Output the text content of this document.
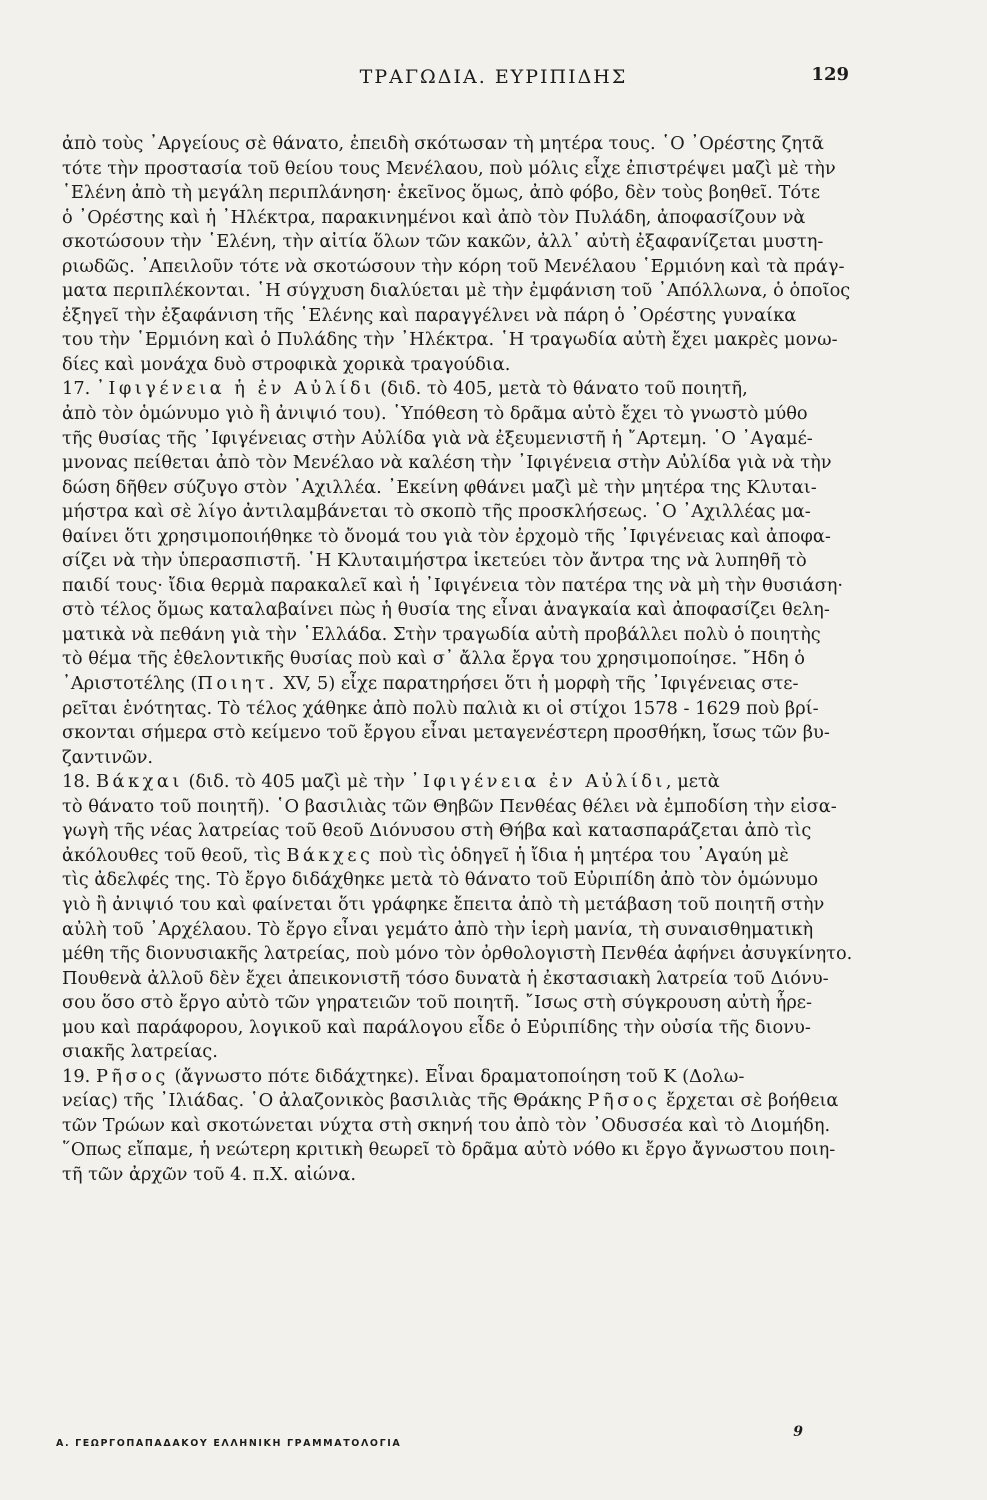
ΤΡΑΓΩΔΙΑ. ΕΥΡΙΠΙΔΗΣ	129
ἀπὸ τοὺς ᾿Αργείους σὲ θάνατο, ἐπειδὴ σκότωσαν τὴ μητέρα τους. ῾Ο ᾿Ορέστης ζητᾶ
τότε τὴν προστασία τοῦ θείου τους Μενέλαου, ποὺ μόλις εἶχε ἐπιστρέψει μαζὶ μὲ τὴν
῾Ελένη ἀπὸ τὴ μεγάλη περιπλάνηση· ἐκεῖνος ὅμως, ἀπὸ φόβο, δὲν τοὺς βοηθεῖ. Τότε
ὁ ᾿Ορέστης καὶ ἡ ᾿Ηλέκτρα, παρακινημένοι καὶ ἀπὸ τὸν Πυλάδη, ἀποφασίζουν νὰ
σκοτώσουν τὴν ῾Ελένη, τὴν αἰτία ὅλων τῶν κακῶν, ἀλλ᾿ αὐτὴ ἐξαφανίζεται μυστη-
ριωδῶς. ᾿Απειλοῦν τότε νὰ σκοτώσουν τὴν κόρη τοῦ Μενέλαου ῾Ερμιόνη καὶ τὰ πράγ-
ματα περιπλέκονται. ῾Η σύγχυση διαλύεται μὲ τὴν ἐμφάνιση τοῦ ᾿Απόλλωνα, ὁ ὁποῖος
ἐξηγεῖ τὴν ἐξαφάνιση τῆς ῾Ελένης καὶ παραγγέλνει νὰ πάρη ὁ ᾿Ορέστης γυναίκα
του τὴν ῾Ερμιόνη καὶ ὁ Πυλάδης τὴν ᾿Ηλέκτρα. ῾Η τραγωδία αὐτὴ ἔχει μακρὲς μονω-
δίες καὶ μονάχα δυὸ στροφικὰ χορικὰ τραγούδια.
17. ᾿Ιφιγένεια ἡ ἐν Αὐλίδι (διδ. τὸ 405, μετὰ τὸ θάνατο τοῦ ποιητῆ,
ἀπὸ τὸν ὁμώνυμο γιὸ ἢ ἀνιψιό του). ῾Υπόθεση τὸ δρᾶμα αὐτὸ ἔχει τὸ γνωστὸ μύθο
τῆς θυσίας τῆς ᾿Ιφιγένειας στὴν Αὐλίδα γιὰ νὰ ἐξευμενιστῆ ἡ ῎Αρτεμη. ῾Ο ᾿Αγαμέ-
μνονας πείθεται ἀπὸ τὸν Μενέλαο νὰ καλέση τὴν ᾿Ιφιγένεια στὴν Αὐλίδα γιὰ νὰ τὴν
δώση δῆθεν σύζυγο στὸν ᾿Αχιλλέα. ᾿Εκείνη φθάνει μαζὶ μὲ τὴν μητέρα της Κλυται-
μήστρα καὶ σὲ λίγο ἀντιλαμβάνεται τὸ σκοπὸ τῆς προσκλήσεως. ῾Ο ᾿Αχιλλέας μα-
θαίνει ὅτι χρησιμοποιήθηκε τὸ ὄνομά του γιὰ τὸν ἐρχομὸ τῆς ᾿Ιφιγένειας καὶ ἀποφα-
σίζει νὰ τὴν ὑπερασπιστῆ. ῾Η Κλυταιμήστρα ἱκετεύει τὸν ἄντρα της νὰ λυπηθῆ τὸ
παιδί τους· ἴδια θερμὰ παρακαλεῖ καὶ ἡ ᾿Ιφιγένεια τὸν πατέρα της νὰ μὴ τὴν θυσιάση·
στὸ τέλος ὅμως καταλαβαίνει πὼς ἡ θυσία της εἶναι ἀναγκαία καὶ ἀποφασίζει θελη-
ματικὰ νὰ πεθάνη γιὰ τὴν ῾Ελλάδα. Στὴν τραγωδία αὐτὴ προβάλλει πολὺ ὁ ποιητὴς
τὸ θέμα τῆς ἐθελοντικῆς θυσίας ποὺ καὶ σ᾿ ἄλλα ἔργα του χρησιμοποίησε. ῎Ηδη ὁ
᾿Αριστοτέλης (Ποιητ. XV, 5) εἶχε παρατηρήσει ὅτι ἡ μορφὴ τῆς ᾿Ιφιγένειας στε-
ρεῖται ἑνότητας. Τὸ τέλος χάθηκε ἀπὸ πολὺ παλιὰ κι οἱ στίχοι 1578 - 1629 ποὺ βρί-
σκονται σήμερα στὸ κείμενο τοῦ ἔργου εἶναι μεταγενέστερη προσθήκη, ἴσως τῶν βυ-
ζαντινῶν.
18. Βάκχαι (διδ. τὸ 405 μαζὶ μὲ τὴν ᾿Ιφιγένεια ἐν Αὐλίδι, μετὰ
τὸ θάνατο τοῦ ποιητῆ). ῾Ο βασιλιὰς τῶν Θηβῶν Πενθέας θέλει νὰ ἐμποδίση τὴν εἰσα-
γωγὴ τῆς νέας λατρείας τοῦ θεοῦ Διόνυσου στὴ Θήβα καὶ κατασπαράζεται ἀπὸ τὶς
ἀκόλουθες τοῦ θεοῦ, τὶς Βάκχες ποὺ τὶς ὁδηγεῖ ἡ ἴδια ἡ μητέρα του ᾿Αγαύη μὲ
τὶς ἀδελφές της. Τὸ ἔργο διδάχθηκε μετὰ τὸ θάνατο τοῦ Εὐριπίδη ἀπὸ τὸν ὁμώνυμο
γιὸ ἢ ἀνιψιό του καὶ φαίνεται ὅτι γράφηκε ἔπειτα ἀπὸ τὴ μετάβαση τοῦ ποιητῆ στὴν
αὐλὴ τοῦ ᾿Αρχέλαου. Τὸ ἔργο εἶναι γεμάτο ἀπὸ τὴν ἱερὴ μανία, τὴ συναισθηματικὴ
μέθη τῆς διονυσιακῆς λατρείας, ποὺ μόνο τὸν ὀρθολογιστὴ Πενθέα ἀφήνει ἀσυγκίνητο.
Πουθενὰ ἀλλοῦ δὲν ἔχει ἀπεικονιστῆ τόσο δυνατὰ ἡ ἐκστασιακὴ λατρεία τοῦ Διόνυ-
σου ὅσο στὸ ἔργο αὐτὸ τῶν γηρατειῶν τοῦ ποιητῆ. ῎Ισως στὴ σύγκρουση αὐτὴ ἦρε-
μου καὶ παράφορου, λογικοῦ καὶ παράλογου εἶδε ὁ Εὐριπίδης τὴν οὐσία τῆς διονυ-
σιακῆς λατρείας.
19. Ρῆσος (ἄγνωστο πότε διδάχτηκε). Εἶναι δραματοποίηση τοῦ Κ (Δολω-
νείας) τῆς ᾿Ιλιάδας. ῾Ο ἀλαζονικὸς βασιλιὰς τῆς Θράκης Ρῆσος ἔρχεται σὲ βοήθεια
τῶν Τρώων καὶ σκοτώνεται νύχτα στὴ σκηνή του ἀπὸ τὸν ᾿Οδυσσέα καὶ τὸ Διομήδη.
῞Οπως εἴπαμε, ἡ νεώτερη κριτικὴ θεωρεῖ τὸ δρᾶμα αὐτὸ νόθο κι ἔργο ἄγνωστου ποιη-
τῆ τῶν ἀρχῶν τοῦ 4. π.Χ. αἰώνα.
Α. ΓΕΩΡΓΟΠΑΠΑΔΑΚΟΥ ΕΛΛΗΝΙΚΗ ΓΡΑΜΜΑΤΟΛΟΓΙΑ
9
